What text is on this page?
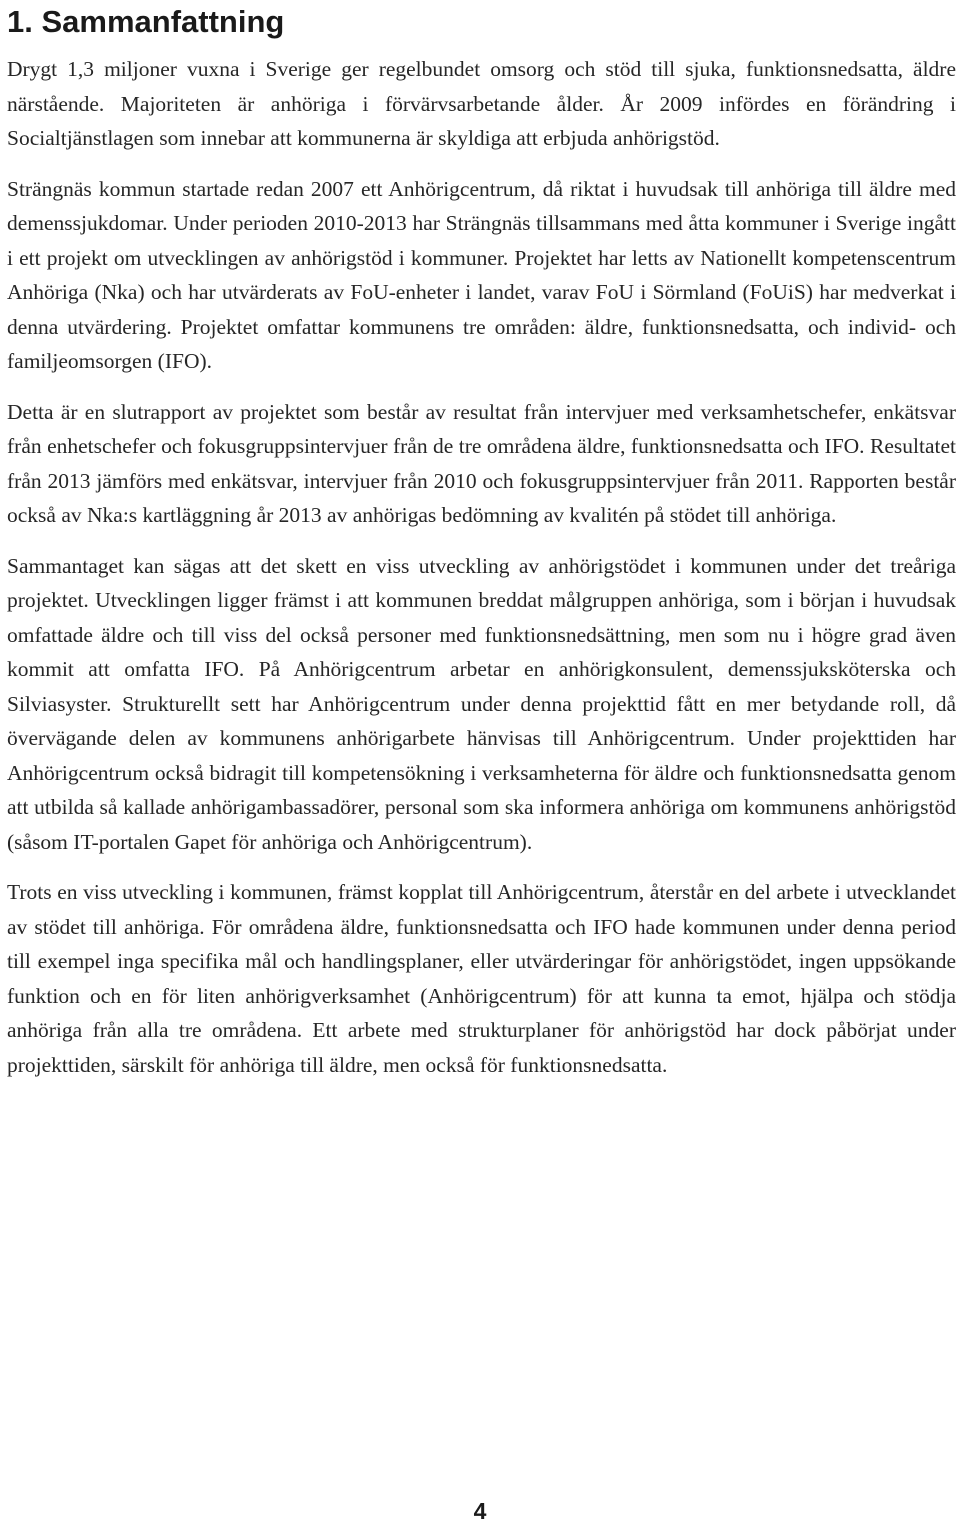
1. Sammanfattning

Drygt 1,3 miljoner vuxna i Sverige ger regelbundet omsorg och stöd till sjuka, funktionsnedsatta, äldre närstående. Majoriteten är anhöriga i förvärvsarbetande ålder. År 2009 infördes en förändring i Socialtjänstlagen som innebar att kommunerna är skyldiga att erbjuda anhörigstöd.

Strängnäs kommun startade redan 2007 ett Anhörigcentrum, då riktat i huvudsak till anhöriga till äldre med demenssjukdomar. Under perioden 2010-2013 har Strängnäs tillsammans med åtta kommuner i Sverige ingått i ett projekt om utvecklingen av anhörigstöd i kommuner. Projektet har letts av Nationellt kompetenscentrum Anhöriga (Nka) och har utvärderats av FoU-enheter i landet, varav FoU i Sörmland (FoUiS) har medverkat i denna utvärdering. Projektet omfattar kommunens tre områden: äldre, funktionsnedsatta, och individ- och familjeomsorgen (IFO).

Detta är en slutrapport av projektet som består av resultat från intervjuer med verksamhetschefer, enkätsvar från enhetschefer och fokusgruppsintervjuer från de tre områdena äldre, funktionsnedsatta och IFO. Resultatet från 2013 jämförs med enkätsvar, intervjuer från 2010 och fokusgruppsintervjuer från 2011. Rapporten består också av Nka:s kartläggning år 2013 av anhörigas bedömning av kvalitén på stödet till anhöriga.

Sammantaget kan sägas att det skett en viss utveckling av anhörigstödet i kommunen under det treåriga projektet. Utvecklingen ligger främst i att kommunen breddat målgruppen anhöriga, som i början i huvudsak omfattade äldre och till viss del också personer med funktionsnedsättning, men som nu i högre grad även kommit att omfatta IFO. På Anhörigcentrum arbetar en anhörigkonsulent, demenssjuksköterska och Silviasyster. Strukturellt sett har Anhörigcentrum under denna projekttid fått en mer betydande roll, då övervägande delen av kommunens anhörigarbete hänvisas till Anhörigcentrum. Under projekttiden har Anhörigcentrum också bidragit till kompetensökning i verksamheterna för äldre och funktionsnedsatta genom att utbilda så kallade anhörigambassadörer, personal som ska informera anhöriga om kommunens anhörigstöd (såsom IT-portalen Gapet för anhöriga och Anhörigcentrum).

Trots en viss utveckling i kommunen, främst kopplat till Anhörigcentrum, återstår en del arbete i utvecklandet av stödet till anhöriga. För områdena äldre, funktionsnedsatta och IFO hade kommunen under denna period till exempel inga specifika mål och handlingsplaner, eller utvärderingar för anhörigstödet, ingen uppsökande funktion och en för liten anhörigverksamhet (Anhörigcentrum) för att kunna ta emot, hjälpa och stödja anhöriga från alla tre områdena. Ett arbete med strukturplaner för anhörigstöd har dock påbörjat under projekttiden, särskilt för anhöriga till äldre, men också för funktionsnedsatta.

4
